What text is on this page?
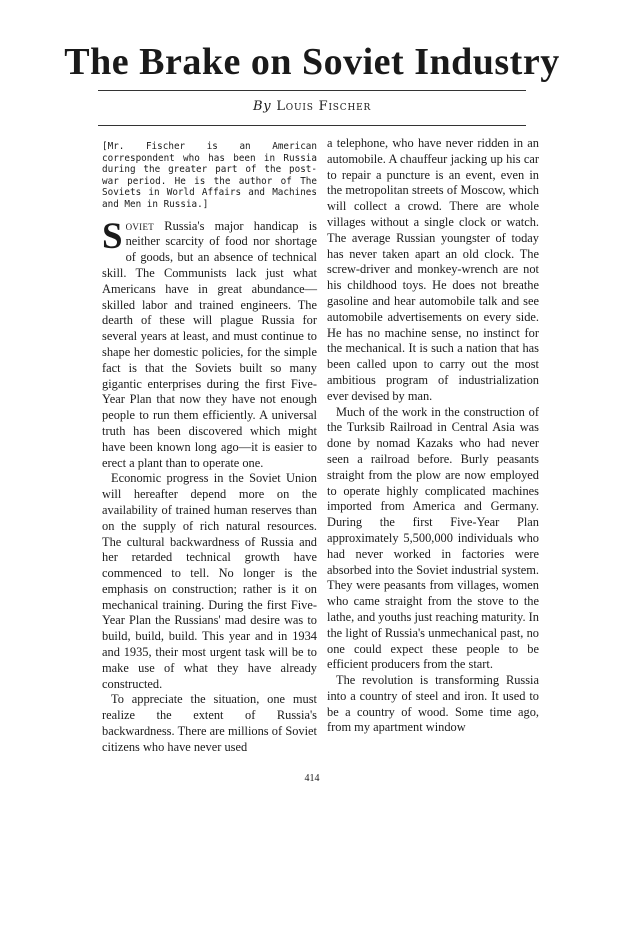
The Brake on Soviet Industry
By Louis Fischer

[Mr. Fischer is an American correspondent who has been in Russia during the greater part of the post-war period. He is the author of The Soviets in World Affairs and Machines and Men in Russia.]

Soviet Russia's major handicap is neither scarcity of food nor shortage of goods, but an absence of technical skill. The Communists lack just what Americans have in great abundance—skilled labor and trained engineers. The dearth of these will plague Russia for several years at least, and must continue to shape her domestic policies, for the simple fact is that the Soviets built so many gigantic enterprises during the first Five-Year Plan that now they have not enough people to run them efficiently. A universal truth has been discovered which might have been known long ago—it is easier to erect a plant than to operate one.

Economic progress in the Soviet Union will hereafter depend more on the availability of trained human reserves than on the supply of rich natural resources. The cultural backwardness of Russia and her retarded technical growth have commenced to tell. No longer is the emphasis on construction; rather is it on mechanical training. During the first Five-Year Plan the Russians' mad desire was to build, build, build. This year and in 1934 and 1935, their most urgent task will be to make use of what they have already constructed.

To appreciate the situation, one must realize the extent of Russia's backwardness. There are millions of Soviet citizens who have never used

a telephone, who have never ridden in an automobile. A chauffeur jacking up his car to repair a puncture is an event, even in the metropolitan streets of Moscow, which will collect a crowd. There are whole villages without a single clock or watch. The average Russian youngster of today has never taken apart an old clock. The screw-driver and monkey-wrench are not his childhood toys. He does not breathe gasoline and hear automobile talk and see automobile advertisements on every side. He has no machine sense, no instinct for the mechanical. It is such a nation that has been called upon to carry out the most ambitious program of industrialization ever devised by man.

Much of the work in the construction of the Turksib Railroad in Central Asia was done by nomad Kazaks who had never seen a railroad before. Burly peasants straight from the plow are now employed to operate highly complicated machines imported from America and Germany. During the first Five-Year Plan approximately 5,500,000 individuals who had never worked in factories were absorbed into the Soviet industrial system. They were peasants from villages, women who came straight from the stove to the lathe, and youths just reaching maturity. In the light of Russia's unmechanical past, no one could expect these people to be efficient producers from the start.

The revolution is transforming Russia into a country of steel and iron. It used to be a country of wood. Some time ago, from my apartment window

414
